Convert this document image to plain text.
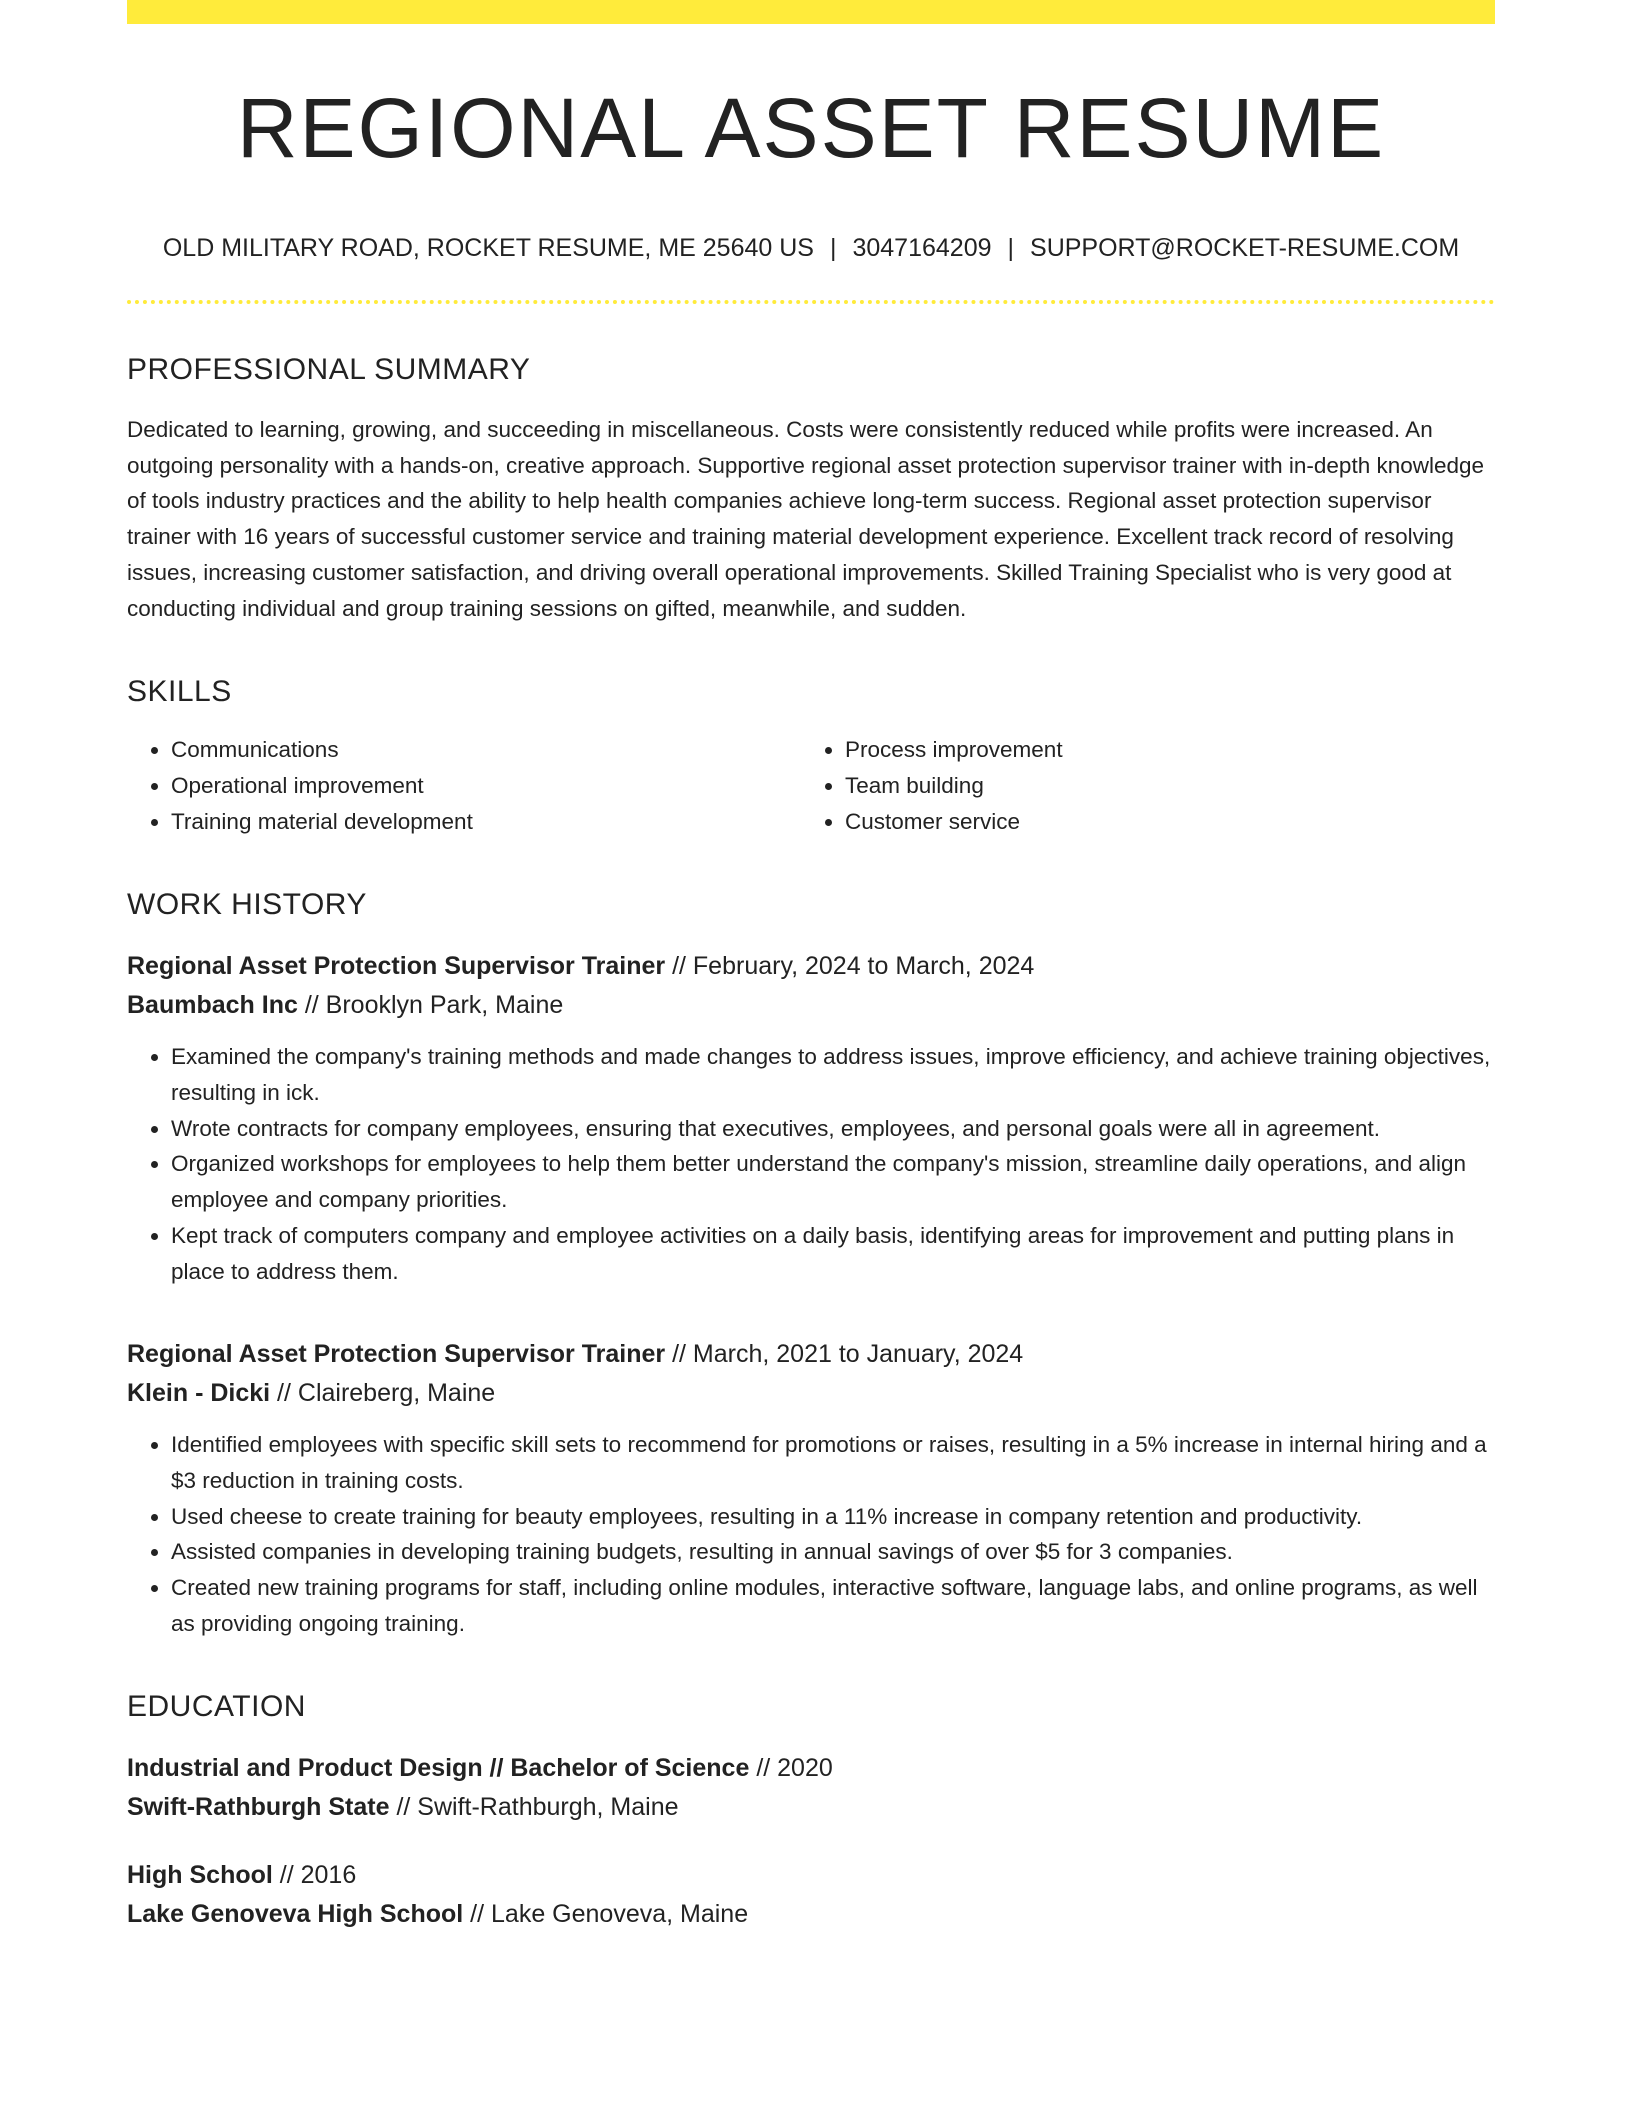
REGIONAL ASSET RESUME
OLD MILITARY ROAD, ROCKET RESUME, ME 25640 US | 3047164209 | SUPPORT@ROCKET-RESUME.COM
PROFESSIONAL SUMMARY
Dedicated to learning, growing, and succeeding in miscellaneous. Costs were consistently reduced while profits were increased. An outgoing personality with a hands-on, creative approach. Supportive regional asset protection supervisor trainer with in-depth knowledge of tools industry practices and the ability to help health companies achieve long-term success. Regional asset protection supervisor trainer with 16 years of successful customer service and training material development experience. Excellent track record of resolving issues, increasing customer satisfaction, and driving overall operational improvements. Skilled Training Specialist who is very good at conducting individual and group training sessions on gifted, meanwhile, and sudden.
SKILLS
• Communications
• Operational improvement
• Training material development
• Process improvement
• Team building
• Customer service
WORK HISTORY
Regional Asset Protection Supervisor Trainer // February, 2024 to March, 2024
Baumbach Inc // Brooklyn Park, Maine
• Examined the company's training methods and made changes to address issues, improve efficiency, and achieve training objectives, resulting in ick.
• Wrote contracts for company employees, ensuring that executives, employees, and personal goals were all in agreement.
• Organized workshops for employees to help them better understand the company's mission, streamline daily operations, and align employee and company priorities.
• Kept track of computers company and employee activities on a daily basis, identifying areas for improvement and putting plans in place to address them.
Regional Asset Protection Supervisor Trainer // March, 2021 to January, 2024
Klein - Dicki // Claireberg, Maine
• Identified employees with specific skill sets to recommend for promotions or raises, resulting in a 5% increase in internal hiring and a $3 reduction in training costs.
• Used cheese to create training for beauty employees, resulting in a 11% increase in company retention and productivity.
• Assisted companies in developing training budgets, resulting in annual savings of over $5 for 3 companies.
• Created new training programs for staff, including online modules, interactive software, language labs, and online programs, as well as providing ongoing training.
EDUCATION
Industrial and Product Design // Bachelor of Science // 2020
Swift-Rathburgh State // Swift-Rathburgh, Maine
High School // 2016
Lake Genoveva High School // Lake Genoveva, Maine
